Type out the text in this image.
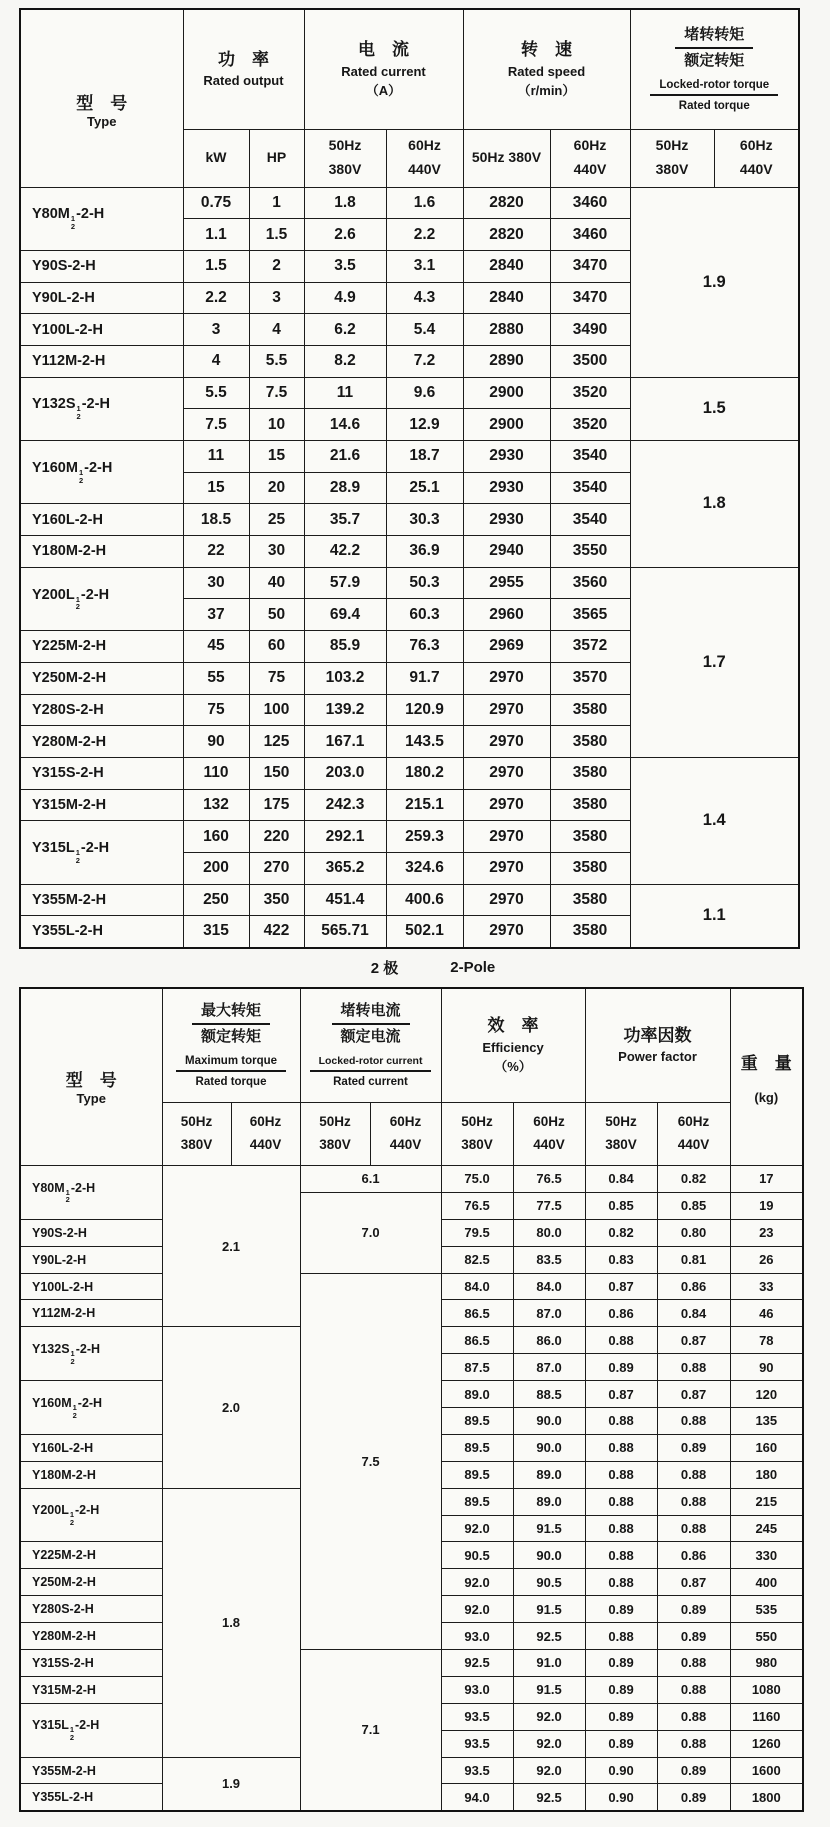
型　号
Type

功　率
Rated output

电　流
Rated current
（A）

转　速
Rated speed
（r/min）

堵转转矩
额定转矩
Locked-rotor torque
Rated torque

kW	HP	
50Hz
380V

60Hz
440V
	50Hz 380V	
60Hz
440V

50Hz
380V

60Hz
440V

Y80M 1
2
-2-H	0.75	1	1.8	1.6	2820	3460	1.9	
	1.1	1.5	2.6	2.2	2820	3460		
Y90S-2-H	1.5	2	3.5	3.1	2840	3470		
Y90L-2-H	2.2	3	4.9	4.3	2840	3470		
Y100L-2-H	3	4	6.2	5.4	2880	3490		
Y112M-2-H	4	5.5	8.2	7.2	2890	3500		
Y132S 1
2
-2-H	5.5	7.5	11	9.6	2900	3520	1.5	
	7.5	10	14.6	12.9	2900	3520		
Y160M 1
2
-2-H	11	15	21.6	18.7	2930	3540	1.8	
	15	20	28.9	25.1	2930	3540		
Y160L-2-H	18.5	25	35.7	30.3	2930	3540		
Y180M-2-H	22	30	42.2	36.9	2940	3550		
Y200L 1
2
-2-H	30	40	57.9	50.3	2955	3560	1.7	
	37	50	69.4	60.3	2960	3565		
Y225M-2-H	45	60	85.9	76.3	2969	3572		
Y250M-2-H	55	75	103.2	91.7	2970	3570		
Y280S-2-H	75	100	139.2	120.9	2970	3580		
Y280M-2-H	90	125	167.1	143.5	2970	3580		
Y315S-2-H	110	150	203.0	180.2	2970	3580	1.4	
Y315M-2-H	132	175	242.3	215.1	2970	3580		
Y315L 1
2
-2-H	160	220	292.1	259.3	2970	3580		
	200	270	365.2	324.6	2970	3580		
Y355M-2-H	250	350	451.4	400.6	2970	3580	1.1	
Y355L-2-H	315	422	565.71	502.1	2970	3580		
2 极	2-Pole
型　号
Type

最大转矩
额定转矩
Maximum torque
Rated torque

堵转电流
额定电流
Locked-rotor current
Rated current

效　率
Efficiency
（%）

功率因数
Power factor	重　量
(kg)

50Hz
380V

60Hz
440V

50Hz
380V

60Hz
440V

50Hz
380V

60Hz
440V

50Hz
380V

60Hz
440V

Y80M 1
2
-2-H	2.1		6.1		75.0	76.5	0.84	0.82	17
			7.0		76.5	77.5	0.85	0.85	19
Y90S-2-H					79.5	80.0	0.82	0.80	23
Y90L-2-H					82.5	83.5	0.83	0.81	26
Y100L-2-H			7.5		84.0	84.0	0.87	0.86	33
Y112M-2-H					86.5	87.0	0.86	0.84	46
Y132S 1
2
-2-H	2.0				86.5	86.0	0.88	0.87	78
					87.5	87.0	0.89	0.88	90
Y160M 1
2
-2-H					89.0	88.5	0.87	0.87	120
					89.5	90.0	0.88	0.88	135
Y160L-2-H					89.5	90.0	0.88	0.89	160
Y180M-2-H					89.5	89.0	0.88	0.88	180
Y200L 1
2
-2-H	1.8				89.5	89.0	0.88	0.88	215
					92.0	91.5	0.88	0.88	245
Y225M-2-H					90.5	90.0	0.88	0.86	330
Y250M-2-H					92.0	90.5	0.88	0.87	400
Y280S-2-H					92.0	91.5	0.89	0.89	535
Y280M-2-H					93.0	92.5	0.88	0.89	550
Y315S-2-H			7.1		92.5	91.0	0.89	0.88	980
Y315M-2-H					93.0	91.5	0.89	0.88	1080
Y315L 1
2
-2-H					93.5	92.0	0.89	0.88	1160
					93.5	92.0	0.89	0.88	1260
Y355M-2-H	1.9				93.5	92.0	0.90	0.89	1600
Y355L-2-H					94.0	92.5	0.90	0.89	1800
